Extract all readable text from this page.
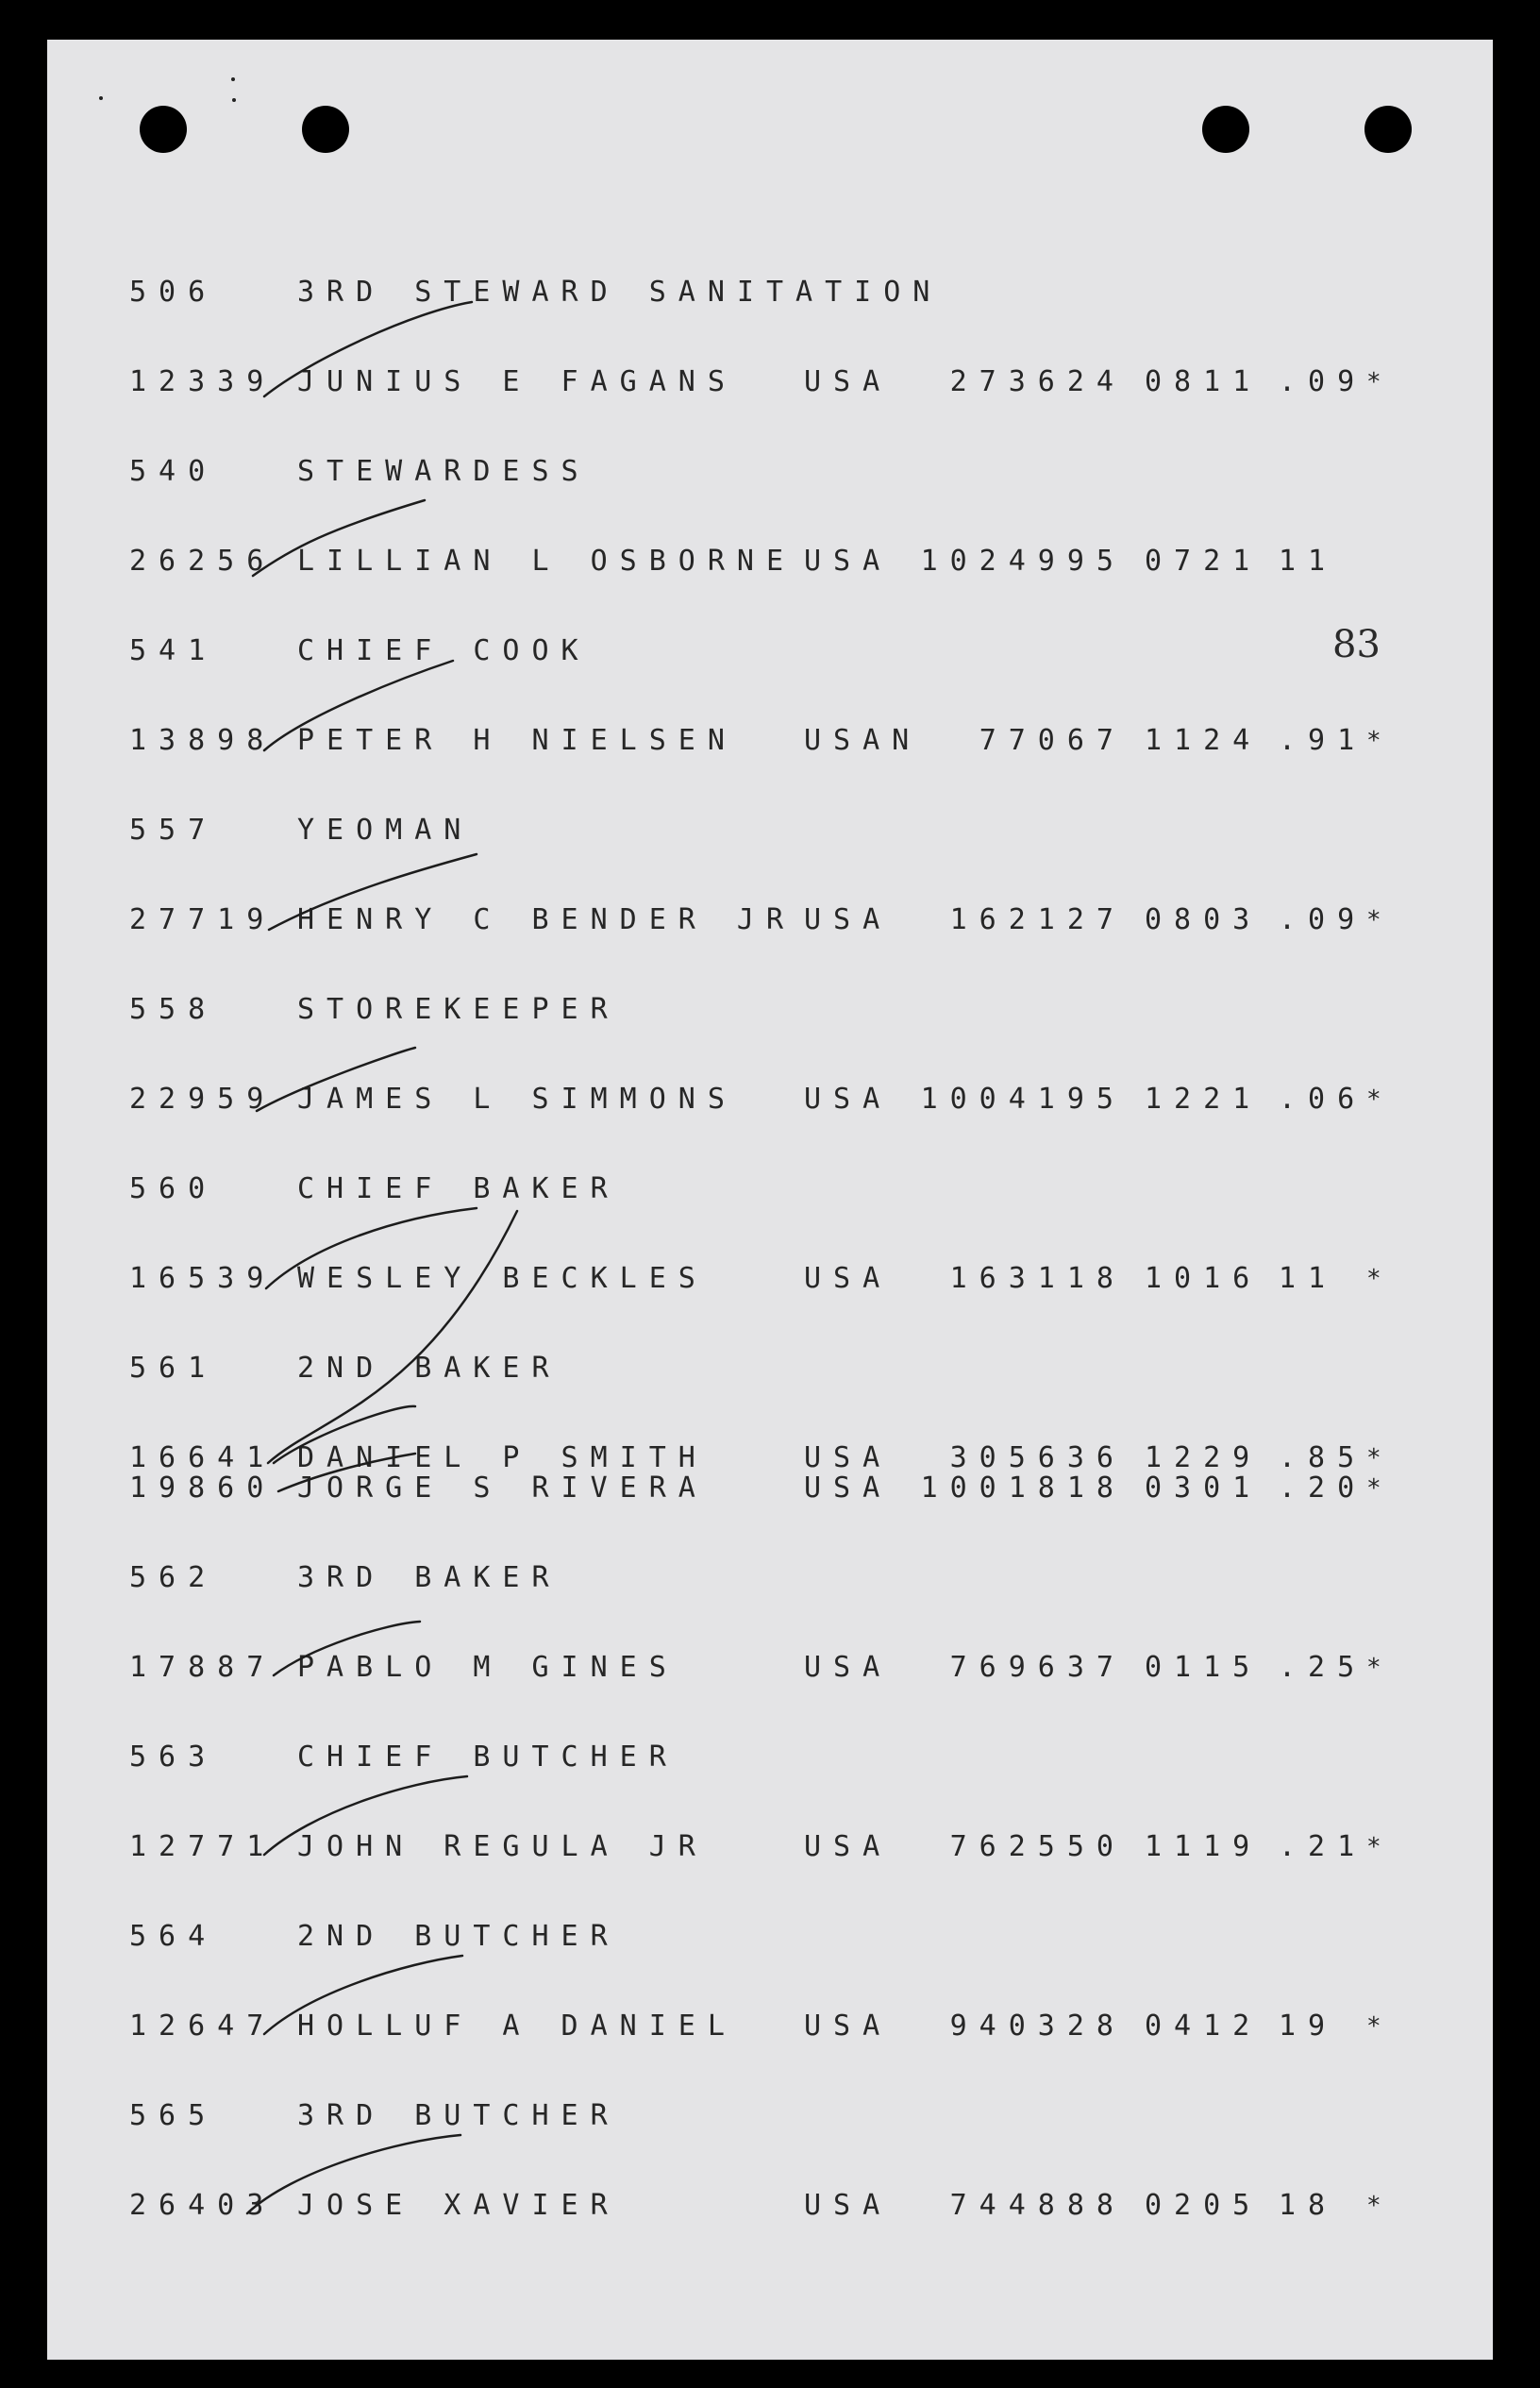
83
506	3RD STEWARD SANITATION
12339 JUNIUS E FAGANS USA 273624 0811 .09 *
540	STEWARDESS
26256 LILLIAN L OSBORNE USA 1024995 0721 11
541	CHIEF COOK
13898 PETER H NIELSEN USAN 77067 1124 .91 *
557	YEOMAN
27719 HENRY C BENDER JR USA 162127 0803 .09 *
558	STOREKEEPER
22959 JAMES L SIMMONS USA 1004195 1221 .06 *
560	CHIEF BAKER
16539 WESLEY BECKLES	USA 163118 1016 11 *
561	2ND BAKER
16641 DANIEL P SMITH	USA 305636 1229 .85 *
19860 JORGE S RIVERA	USA 1001818 0301 .20 *
562	3RD BAKER
17887 PABLO M GINES	USA 769637 0115 .25 *
563	CHIEF BUTCHER
12771 JOHN REGULA JR	USA 762550 1119 .21 *
564	2ND BUTCHER
12647 HOLLUF A DANIEL USA 940328 0412 19 *
565	3RD BUTCHER
26403 JOSE XAVIER	USA 744888 0205 18 *
